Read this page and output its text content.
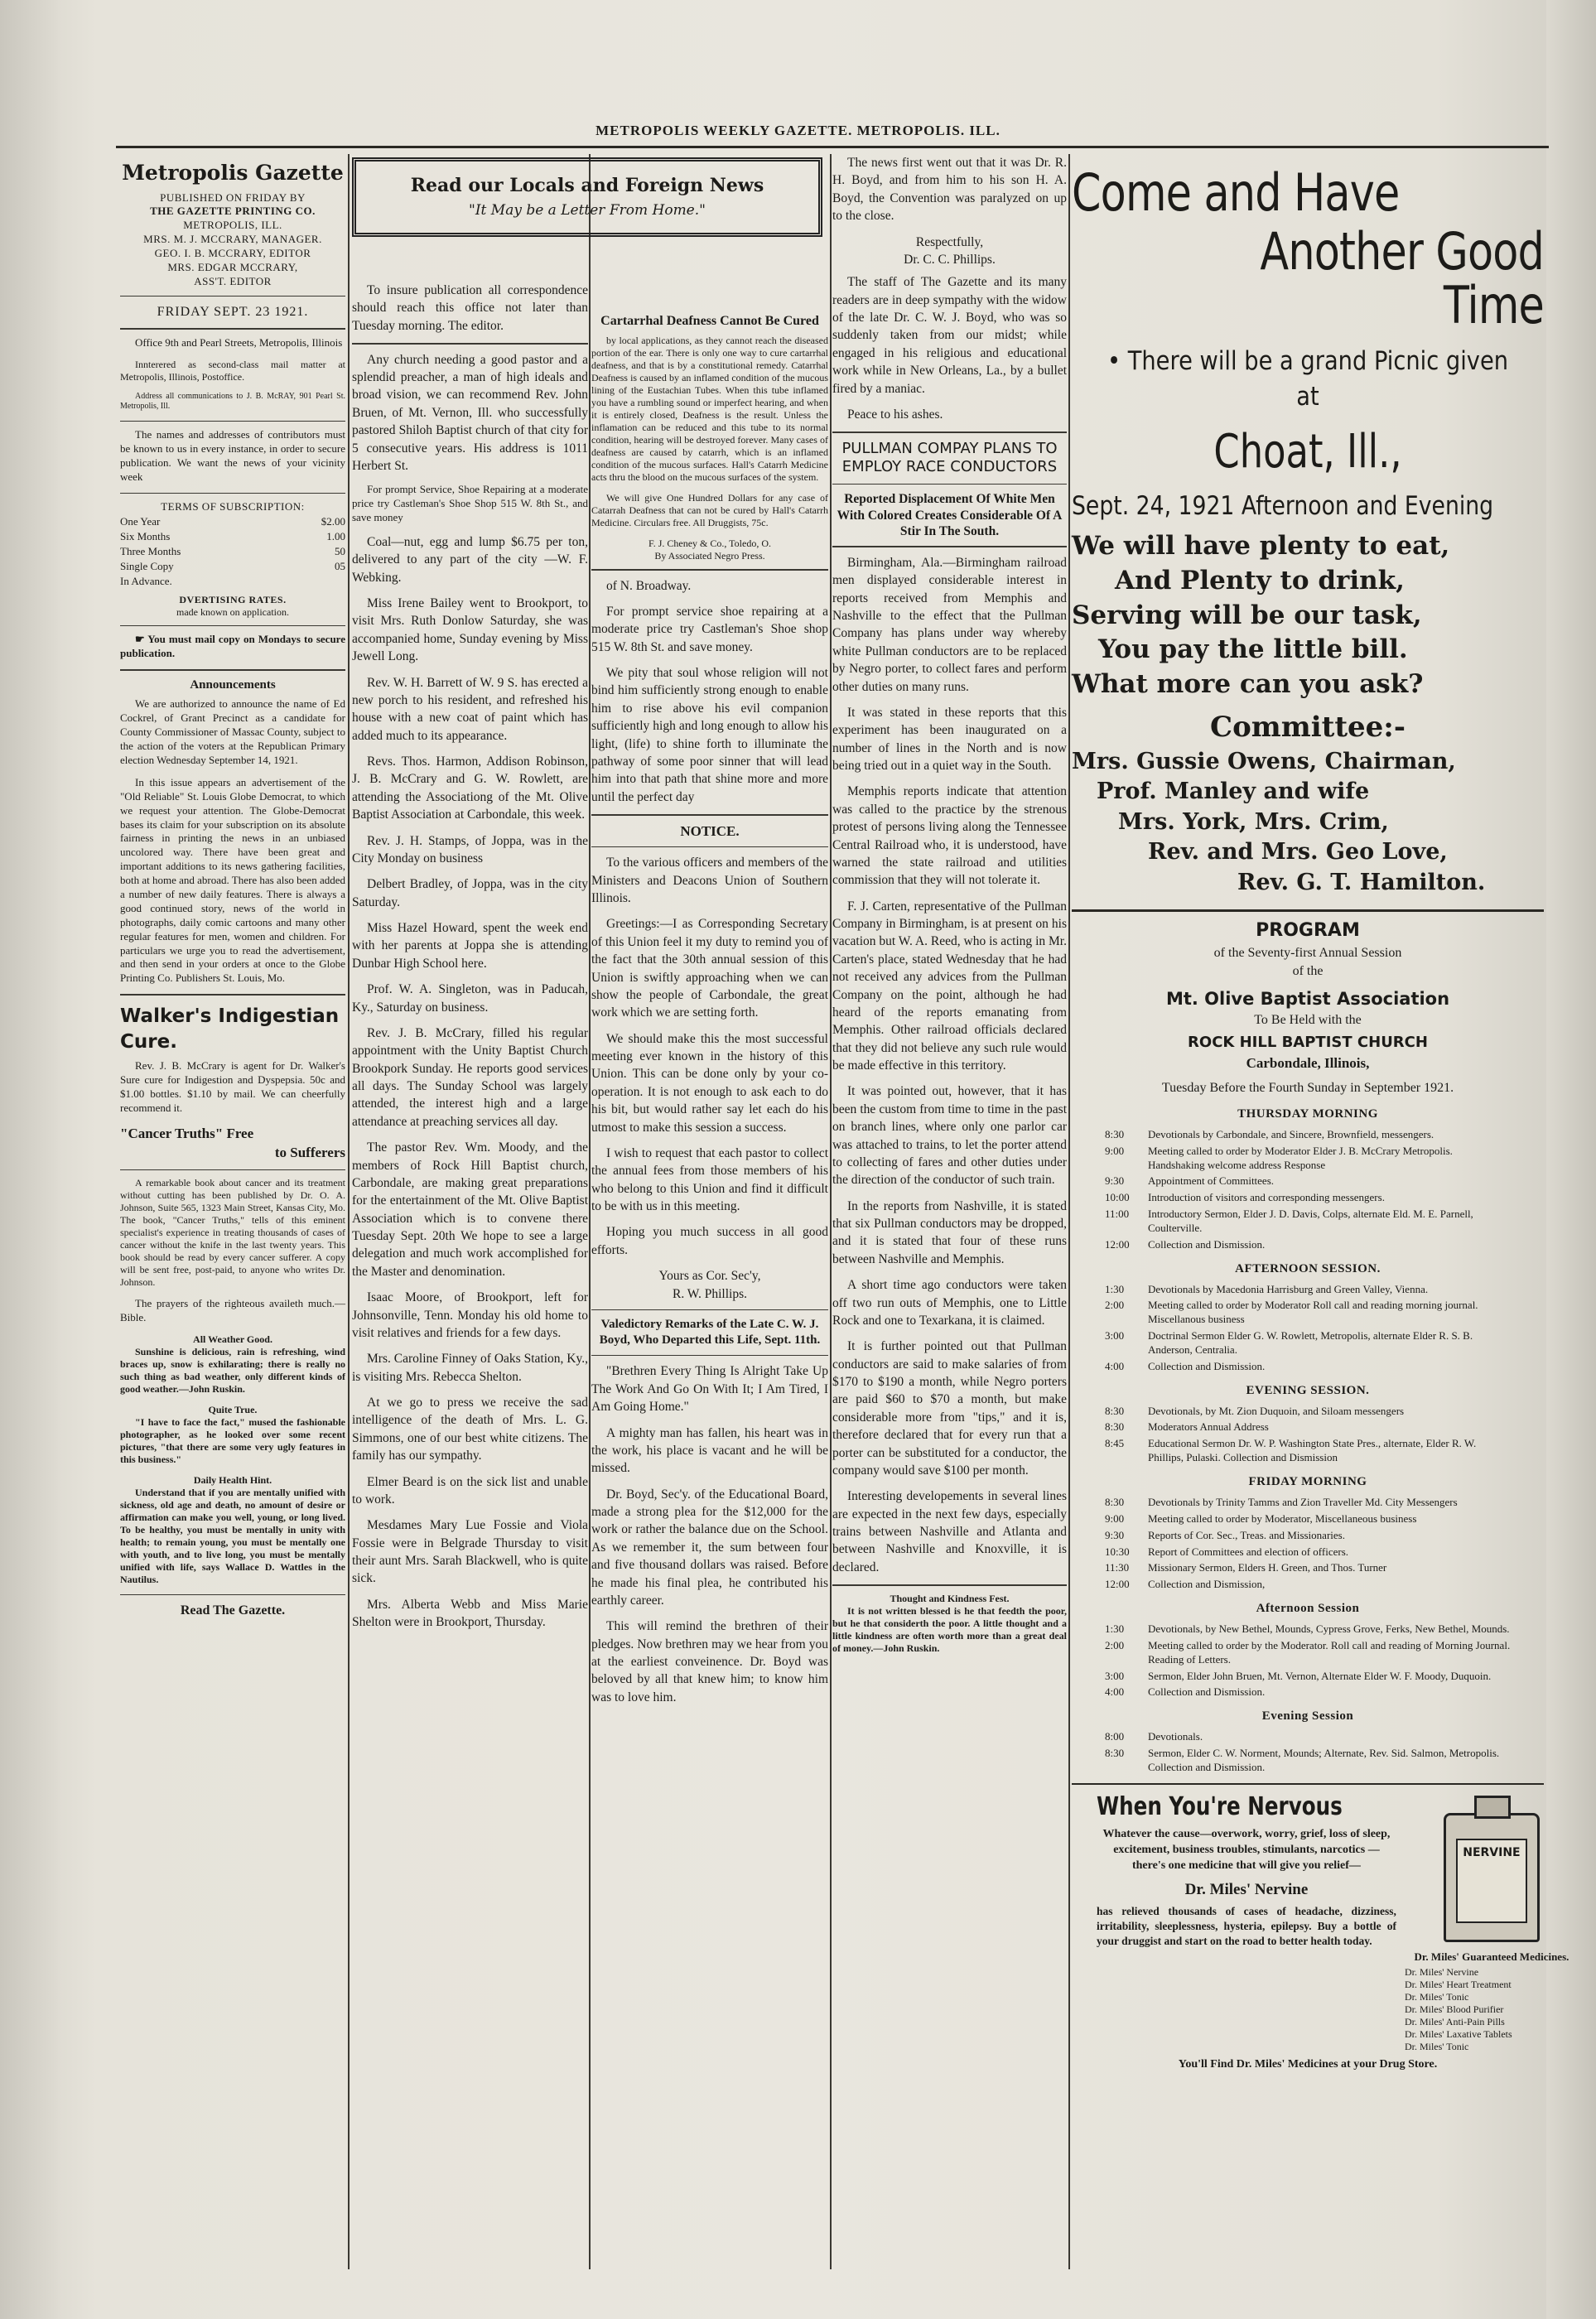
METROPOLIS WEEKLY GAZETTE. METROPOLIS. ILL.
Metropolis Gazette
PUBLISHED ON FRIDAY BY
THE GAZETTE PRINTING CO.
METROPOLIS, ILL.
MRS. M. J. MCCRARY, MANAGER.
GEO. I. B. MCCRARY, EDITOR
MRS. EDGAR MCCRARY,
ASS'T. EDITOR
FRIDAY SEPT. 23 1921.

Office 9th and Pearl Streets, Metropolis, Illinois

Innterered as second-class mail matter at Metropolis, Illinois, Postoffice.

Address all communications to J. B. McRAY, 901 Pearl St. Metropolis, Ill.

The names and addresses of contributors must be known to us in every instance, in order to secure publication. We want the news of your vicinity week

TERMS OF SUBSCRIPTION:
One Year	$2.00
Six Months	1.00
Three Months	50
Single Copy	05
In Advance.	
DVERTISING RATES.
made known on application.

☛ You must mail copy on Mondays to secure publication.

Announcements

We are authorized to announce the name of Ed Cockrel, of Grant Precinct as a candidate for County Commissioner of Massac County, subject to the action of the voters at the Republican Primary election Wednesday September 14, 1921.

In this issue appears an advertisement of the "Old Reliable" St. Louis Globe Democrat, to which we request your attention. The Globe-Democrat bases its claim for your subscription on its absolute fairness in printing the news in an unbiased uncolored way. There have been great and important additions to its news gathering facilities, both at home and abroad. There has also been added a number of new daily features. There is always a good continued story, news of the world in photographs, daily comic cartoons and many other regular features for men, women and children. For particulars we urge you to read the advertisement, and then send in your orders at once to the Globe Printing Co. Publishers St. Louis, Mo.

Walker's Indigestian Cure.

Rev. J. B. McCrary is agent for Dr. Walker's Sure cure for Indigestion and Dyspepsia. 50c and $1.00 bottles. $1.10 by mail. We can cheerfully recommend it.

"Cancer Truths" Free
to Sufferers

A remarkable book about cancer and its treatment without cutting has been published by Dr. O. A. Johnson, Suite 565, 1323 Main Street, Kansas City, Mo. The book, "Cancer Truths," tells of this eminent specialist's experience in treating thousands of cases of cancer without the knife in the last twenty years. This book should be read by every cancer sufferer. A copy will be sent free, post-paid, to anyone who writes Dr. Johnson.

The prayers of the righteous availeth much.—Bible.

All Weather Good.

Sunshine is delicious, rain is refreshing, wind braces up, snow is exhilarating; there is really no such thing as bad weather, only different kinds of good weather.—John Ruskin.

Quite True.

"I have to face the fact," mused the fashionable photographer, as he looked over some recent pictures, "that there are some very ugly features in this business."

Daily Health Hint.

Understand that if you are mentally unified with sickness, old age and death, no amount of desire or affirmation can make you well, young, or long lived. To be healthy, you must be mentally in unity with health; to remain young, you must be mentally one with youth, and to live long, you must be mentally unified with life, says Wallace D. Wattles in the Nautilus.

Read The Gazette.
Read our Locals and Foreign News
"It May be a Letter From Home."

To insure publication all correspondence should reach this office not later than Tuesday morning. The editor.

Any church needing a good pastor and a splendid preacher, a man of high ideals and broad vision, we can recommend Rev. John Bruen, of Mt. Vernon, Ill. who successfully pastored Shiloh Baptist church of that city for 5 consecutive years. His address is 1011 Herbert St.

For prompt Service, Shoe Repairing at a moderate price try Castleman's Shoe Shop 515 W. 8th St., and save money

Coal—nut, egg and lump $6.75 per ton, delivered to any part of the city —W. F. Webking.

Miss Irene Bailey went to Brookport, to visit Mrs. Ruth Donlow Saturday, she was accompanied home, Sunday evening by Miss Jewell Long.

Rev. W. H. Barrett of W. 9 S. has erected a new porch to his resident, and refreshed his house with a new coat of paint which has added much to its appearance.

Revs. Thos. Harmon, Addison Robinson, J. B. McCrary and G. W. Rowlett, are attending the Associationg of the Mt. Olive Baptist Association at Carbondale, this week.

Rev. J. H. Stamps, of Joppa, was in the City Monday on business

Delbert Bradley, of Joppa, was in the city Saturday.

Miss Hazel Howard, spent the week end with her parents at Joppa she is attending Dunbar High School here.

Prof. W. A. Singleton, was in Paducah, Ky., Saturday on business.

Rev. J. B. McCrary, filled his regular appointment with the Unity Baptist Church Brookpork Sunday. He reports good services all days. The Sunday School was largely attended, the interest high and a large attendance at preaching services all day.

The pastor Rev. Wm. Moody, and the members of Rock Hill Baptist church, Carbondale, are making great preparations for the entertainment of the Mt. Olive Baptist Association which is to convene there Tuesday Sept. 20th We hope to see a large delegation and much work accomplished for the Master and denomination.

Isaac Moore, of Brookport, left for Johnsonville, Tenn. Monday his old home to visit relatives and friends for a few days.

Mrs. Caroline Finney of Oaks Station, Ky., is visiting Mrs. Rebecca Shelton.

At we go to press we receive the sad intelligence of the death of Mrs. L. G. Simmons, one of our best white citizens. The family has our sympathy.

Elmer Beard is on the sick list and unable to work.

Mesdames Mary Lue Fossie and Viola Fossie were in Belgrade Thursday to visit their aunt Mrs. Sarah Blackwell, who is quite sick.

Mrs. Alberta Webb and Miss Marie Shelton were in Brookport, Thursday.

Cartarrhal Deafness Cannot Be Cured

by local applications, as they cannot reach the diseased portion of the ear. There is only one way to cure cartarrhal deafness, and that is by a constitutional remedy. Catarrhal Deafness is caused by an inflamed condition of the mucous lining of the Eustachian Tubes. When this tube inflamed you have a rumbling sound or imperfect hearing, and when it is entirely closed, Deafness is the result. Unless the inflamation can be reduced and this tube to its normal condition, hearing will be destroyed forever. Many cases of deafness are caused by catarrh, which is an inflamed condition of the mucous surfaces. Hall's Catarrh Medicine acts thru the blood on the mucous surfaces of the system.

We will give One Hundred Dollars for any case of Catarrah Deafness that can not be cured by Hall's Catarrh Medicine. Circulars free. All Druggists, 75c.

F. J. Cheney & Co., Toledo, O.
By Associated Negro Press.

of N. Broadway.

For prompt service shoe repairing at a moderate price try Castleman's Shoe shop 515 W. 8th St. and save money.

We pity that soul whose religion will not bind him sufficiently strong enough to enable him to rise above his evil companion sufficiently high and long enough to allow his light, (life) to shine forth to illuminate the pathway of some poor sinner that will lead him into that path that shine more and more until the perfect day

NOTICE.

To the various officers and members of the Ministers and Deacons Union of Southern Illinois.

Greetings:—I as Corresponding Secretary of this Union feel it my duty to remind you of the fact that the 30th annual session of this Union is swiftly approaching when we can show the people of Carbondale, the great work which we are setting forth.

We should make this the most successful meeting ever known in the history of this Union. This can be done only by your co-operation. It is not enough to ask each to do his bit, but would rather say let each do his utmost to make this session a success.

I wish to request that each pastor to collect the annual fees from those members of his who belong to this Union and find it difficult to be with us in this meeting.

Hoping you much success in all good efforts.

Yours as Cor. Sec'y,
R. W. Phillips.
Valedictory Remarks of the Late C. W. J. Boyd, Who Departed this Life, Sept. 11th.

"Brethren Every Thing Is Alright Take Up The Work And Go On With It; I Am Tired, I Am Going Home."

A mighty man has fallen, his heart was in the work, his place is vacant and he will be missed.

Dr. Boyd, Sec'y. of the Educational Board, made a strong plea for the $12,000 for the work or rather the balance due on the School. As we remember it, the sum between four and five thousand dollars was raised. Before he made his final plea, he contributed his earthly career.

This will remind the brethren of their pledges. Now brethren may we hear from you at the earliest conveinence. Dr. Boyd was beloved by all that knew him; to know him was to love him.

The news first went out that it was Dr. R. H. Boyd, and from him to his son H. A. Boyd, the Convention was paralyzed on up to the close.

Respectfully,
Dr. C. C. Phillips.

The staff of The Gazette and its many readers are in deep sympathy with the widow of the late Dr. C. W. J. Boyd, who was so suddenly taken from our midst; while engaged in his religious and educational work while in New Orleans, La., by a bullet fired by a maniac.

Peace to his ashes.

PULLMAN COMPAY PLANS TO EMPLOY RACE CONDUCTORS
Reported Displacement Of White Men With Colored Creates Considerable Of A Stir In The South.

Birmingham, Ala.—Birmingham railroad men displayed considerable interest in reports received from Memphis and Nashville to the effect that the Pullman Company has plans under way whereby white Pullman conductors are to be replaced by Negro porter, to collect fares and perform other duties on many runs.

It was stated in these reports that this experiment has been inaugurated on a number of lines in the North and is now being tried out in a quiet way in the South.

Memphis reports indicate that attention was called to the practice by the strenous protest of persons living along the Tennessee Central Railroad who, it is understood, have warned the state railroad and utilities commission that they will not tolerate it.

F. J. Carten, representative of the Pullman Company in Birmingham, is at present on his vacation but W. A. Reed, who is acting in Mr. Carten's place, stated Wednesday that he had not received any advices from the Pullman Company on the point, although he had heard of the reports emanating from Memphis. Other railroad officials declared that they did not believe any such rule would be made effective in this territory.

It was pointed out, however, that it has been the custom from time to time in the past on branch lines, where only one parlor car was attached to trains, to let the porter attend to collecting of fares and other duties under the direction of the conductor of such train.

In the reports from Nashville, it is stated that six Pullman conductors may be dropped, and it is stated that four of these runs between Nashville and Memphis.

A short time ago conductors were taken off two run outs of Memphis, one to Little Rock and one to Texarkana, it is claimed.

It is further pointed out that Pullman conductors are said to make salaries of from $170 to $190 a month, while Negro porters are paid $60 to $70 a month, but make considerable more from "tips," and it is, therefore declared that for every run that a porter can be substituted for a conductor, the company would save $100 per month.

Interesting developements in several lines are expected in the next few days, especially trains between Nashville and Atlanta and between Nashville and Knoxville, it is declared.

Thought and Kindness Fest.

It is not written blessed is he that feedth the poor, but he that considerth the poor. A little thought and a little kindness are often worth more than a great deal of money.—John Ruskin.

Come and Have
Another Good Time
• There will be a grand Picnic given at
Choat, Ill.,
Sept. 24, 1921 Afternoon and Evening
We will have plenty to eat,
And Plenty to drink,
Serving will be our task,
You pay the little bill.
What more can you ask?
Committee:-
Mrs. Gussie Owens, Chairman,
Prof. Manley and wife
Mrs. York, Mrs. Crim,
Rev. and Mrs. Geo Love,
Rev. G. T. Hamilton.
PROGRAM
of the Seventy-first Annual Session
of the
Mt. Olive Baptist Association
To Be Held with the
ROCK HILL BAPTIST CHURCH
Carbondale, Illinois,
Tuesday Before the Fourth Sunday in September 1921.
THURSDAY MORNING
8:30	Devotionals by Carbondale, and Sincere, Brownfield, messengers.
9:00	Meeting called to order by Moderator Elder J. B. McCrary Metropolis. Handshaking welcome address Response
9:30	Appointment of Committees.
10:00	Introduction of visitors and corresponding messengers.
11:00	Introductory Sermon, Elder J. D. Davis, Colps, alternate Eld. M. E. Parnell, Coulterville.
12:00	Collection and Dismission.
AFTERNOON SESSION.
1:30	Devotionals by Macedonia Harrisburg and Green Valley, Vienna.
2:00	Meeting called to order by Moderator Roll call and reading morning journal. Miscellanous business
3:00	Doctrinal Sermon Elder G. W. Rowlett, Metropolis, alternate Elder R. S. B. Anderson, Centralia.
4:00	Collection and Dismission.
EVENING SESSION.
8:30	Devotionals, by Mt. Zion Duquoin, and Siloam messengers
8:30	Moderators Annual Address
8:45	Educational Sermon Dr. W. P. Washington State Pres., alternate, Elder R. W. Phillips, Pulaski. Collection and Dismission
FRIDAY MORNING
8:30	Devotionals by Trinity Tamms and Zion Traveller Md. City Messengers
9:00	Meeting called to order by Moderator, Miscellaneous business
9:30	Reports of Cor. Sec., Treas. and Missionaries.
10:30	Report of Committees and election of officers.
11:30	Missionary Sermon, Elders H. Green, and Thos. Turner
12:00	Collection and Dismission,
Afternoon Session
1:30	Devotionals, by New Bethel, Mounds, Cypress Grove, Ferks, New Bethel, Mounds.
2:00	Meeting called to order by the Moderator. Roll call and reading of Morning Journal. Reading of Letters.
3:00	Sermon, Elder John Bruen, Mt. Vernon, Alternate Elder W. F. Moody, Duquoin.
4:00	Collection and Dismission.
Evening Session
8:00	Devotionals.
8:30	Sermon, Elder C. W. Norment, Mounds; Alternate, Rev. Sid. Salmon, Metropolis. Collection and Dismission.
When You're Nervous
Whatever the cause—overwork, worry, grief, loss of sleep, excitement, business troubles, stimulants, narcotics — there's one medicine that will give you relief—
Dr. Miles' Nervine
has relieved thousands of cases of headache, dizziness, irritability, sleeplessness, hysteria, epilepsy. Buy a bottle of your druggist and start on the road to better health today.
NERVINE
Dr. Miles' Guaranteed Medicines.
Dr. Miles' Nervine
Dr. Miles' Heart Treatment
Dr. Miles' Tonic
Dr. Miles' Blood Purifier
Dr. Miles' Anti-Pain Pills
Dr. Miles' Laxative Tablets
Dr. Miles' Tonic
You'll Find Dr. Miles' Medicines at your Drug Store.
